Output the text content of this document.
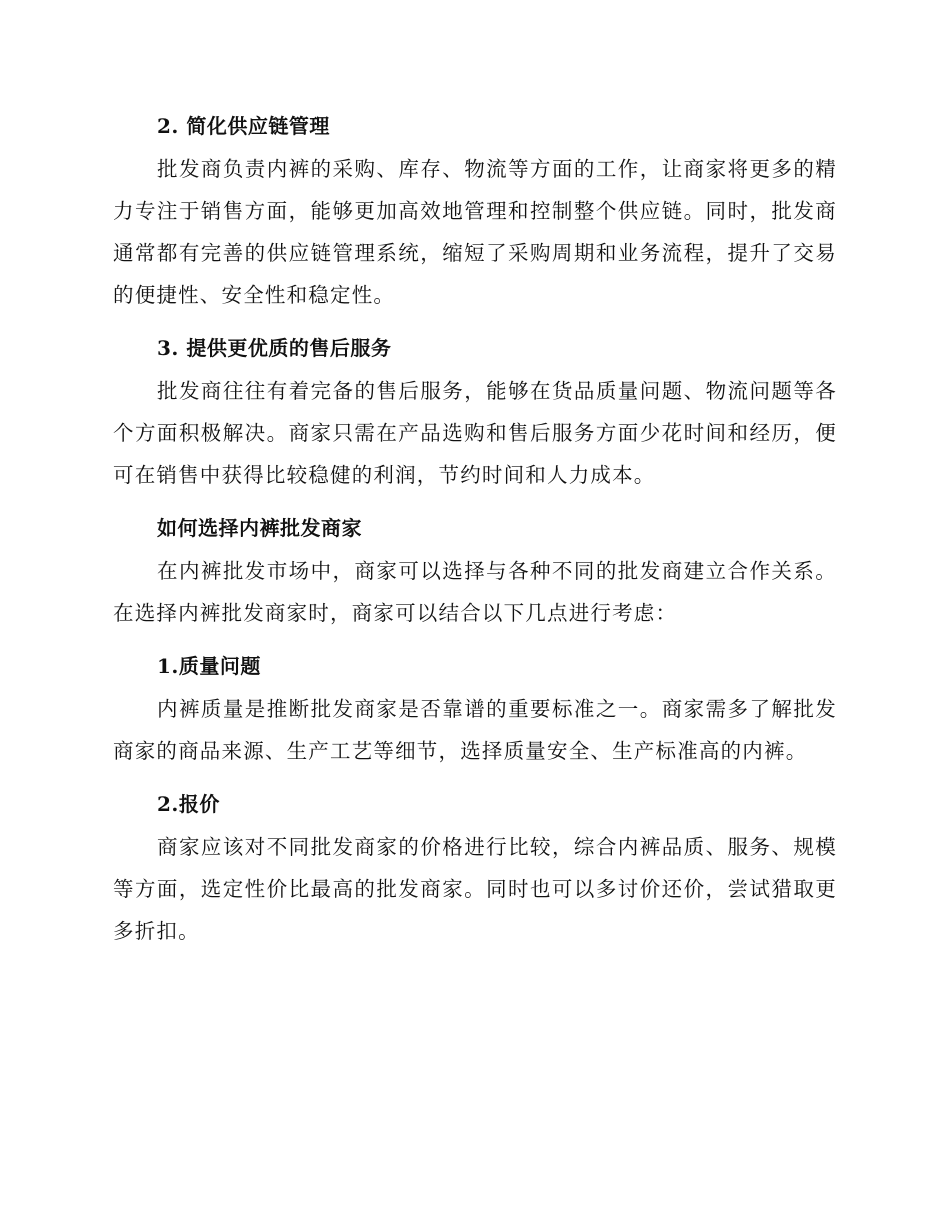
2. 简化供应链管理

批发商负责内裤的采购、库存、物流等方面的工作，让商家将更多的精力专注于销售方面，能够更加高效地管理和控制整个供应链。同时，批发商通常都有完善的供应链管理系统，缩短了采购周期和业务流程，提升了交易的便捷性、安全性和稳定性。

3. 提供更优质的售后服务

批发商往往有着完备的售后服务，能够在货品质量问题、物流问题等各个方面积极解决。商家只需在产品选购和售后服务方面少花时间和经历，便可在销售中获得比较稳健的利润，节约时间和人力成本。

如何选择内裤批发商家

在内裤批发市场中，商家可以选择与各种不同的批发商建立合作关系。在选择内裤批发商家时，商家可以结合以下几点进行考虑：

1.质量问题

内裤质量是推断批发商家是否靠谱的重要标准之一。商家需多了解批发商家的商品来源、生产工艺等细节，选择质量安全、生产标准高的内裤。

2.报价

商家应该对不同批发商家的价格进行比较，综合内裤品质、服务、规模等方面，选定性价比最高的批发商家。同时也可以多讨价还价，尝试猎取更多折扣。
